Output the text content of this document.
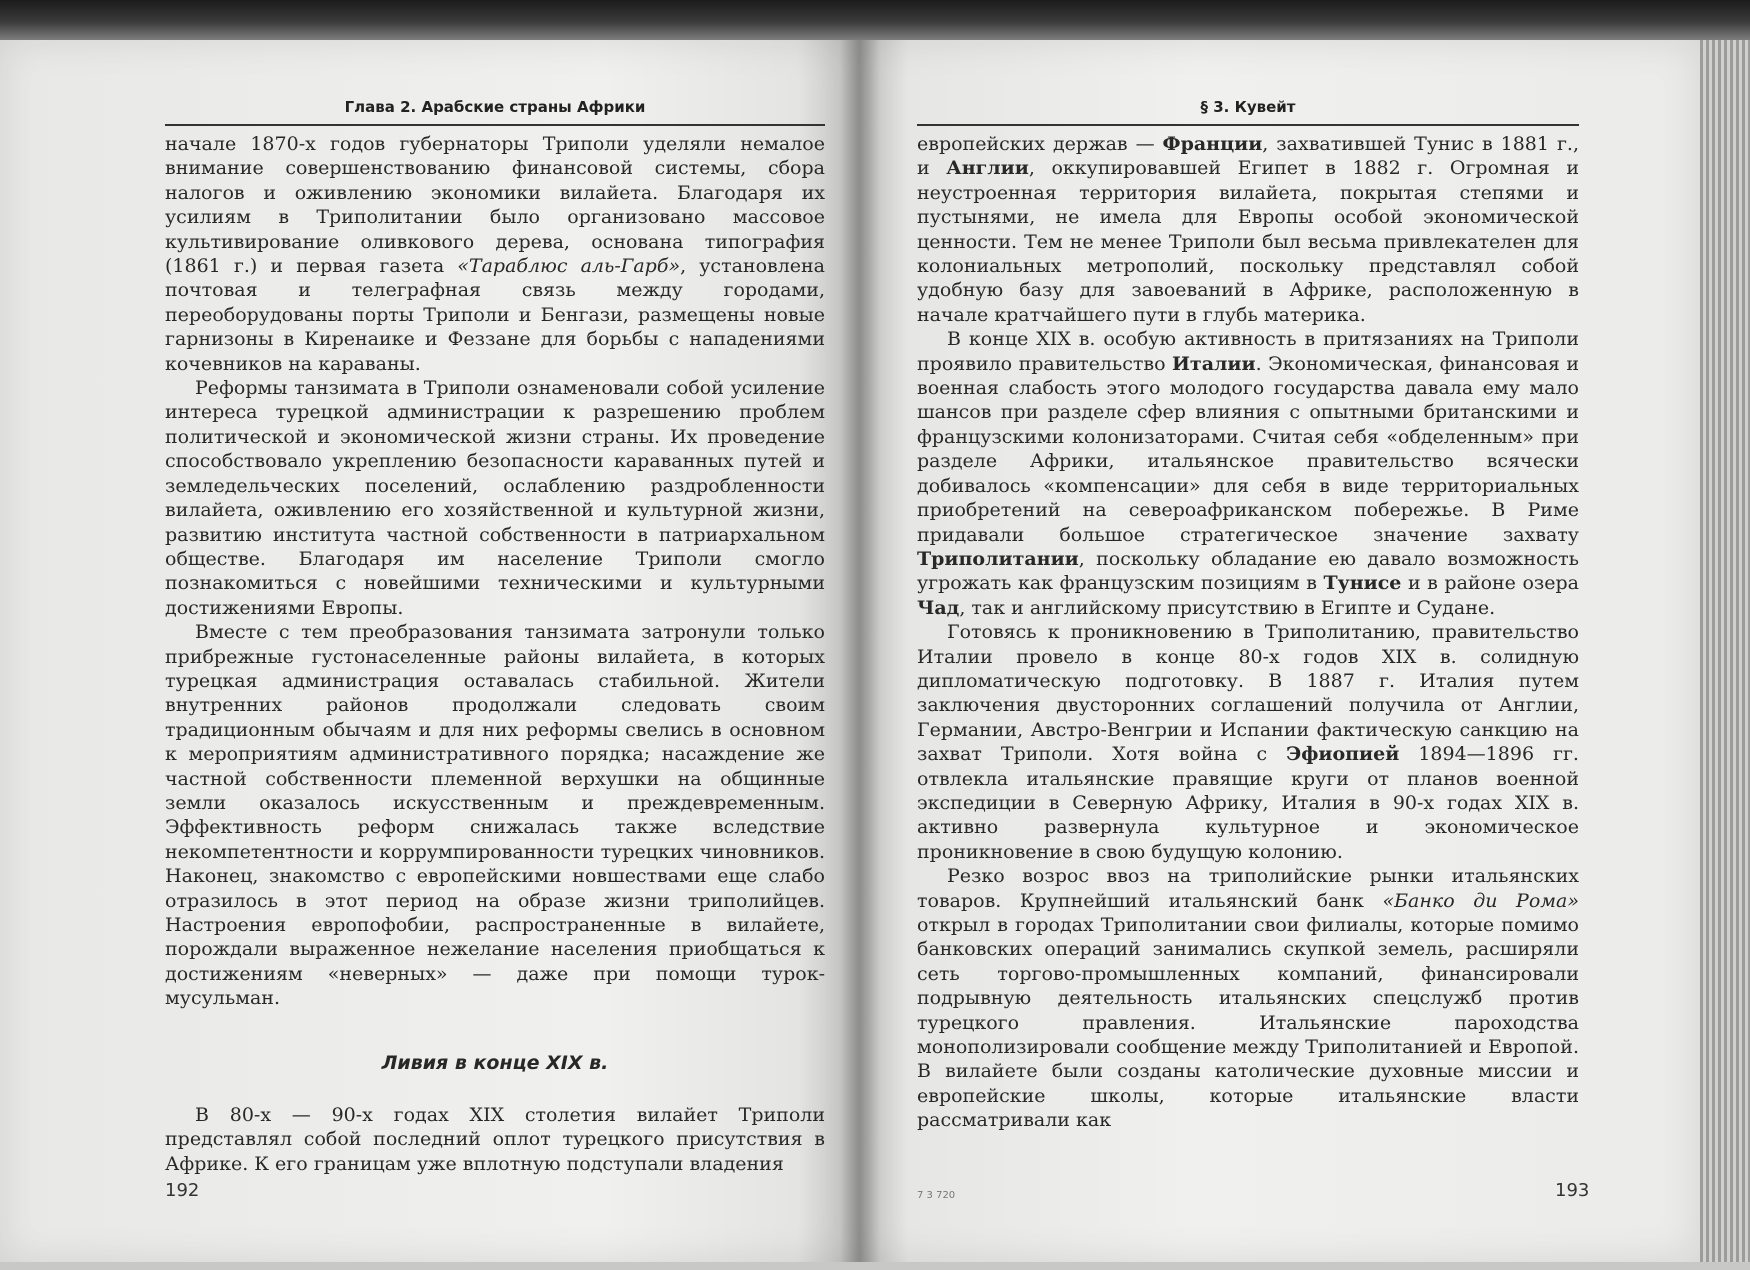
Глава 2. Арабские страны Африки

начале 1870-х годов губернаторы Триполи уделяли немалое внимание совершенствованию финансовой системы, сбора налогов и оживлению экономики вилайета. Благодаря их усилиям в Триполитании было организовано массовое культивирование оливкового дерева, основана типография (1861 г.) и первая газета «Тараблюс аль-Гарб», установлена почтовая и телеграфная связь между городами, переоборудованы порты Триполи и Бенгази, размещены новые гарнизоны в Киренаике и Феззане для борьбы с нападениями кочевников на караваны.

Реформы танзимата в Триполи ознаменовали собой усиление интереса турецкой администрации к разрешению проблем политической и экономической жизни страны. Их проведение способствовало укреплению безопасности караванных путей и земледельческих поселений, ослаблению раздробленности вилайета, оживлению его хозяйственной и культурной жизни, развитию института частной собственности в патриархальном обществе. Благодаря им население Триполи смогло познакомиться с новейшими техническими и культурными достижениями Европы.

Вместе с тем преобразования танзимата затронули только прибрежные густонаселенные районы вилайета, в которых турецкая администрация оставалась стабильной. Жители внутренних районов продолжали следовать своим традиционным обычаям и для них реформы свелись в основном к мероприятиям административного порядка; насаждение же частной собственности племенной верхушки на общинные земли оказалось искусственным и преждевременным. Эффективность реформ снижалась также вследствие некомпетентности и коррумпированности турецких чиновников. Наконец, знакомство с европейскими новшествами еще слабо отразилось в этот период на образе жизни триполийцев. Настроения европофобии, распространенные в вилайете, порождали выраженное нежелание населения приобщаться к достижениям «неверных» — даже при помощи турок-мусульман.

Ливия в конце XIX в.

В 80-х — 90-х годах XIX столетия вилайет Триполи представлял собой последний оплот турецкого присутствия в Африке. К его границам уже вплотную подступали владения

192
§ 3. Кувейт

европейских держав — Франции, захватившей Тунис в 1881 г., и Англии, оккупировавшей Египет в 1882 г. Огромная и неустроенная территория вилайета, покрытая степями и пустынями, не имела для Европы особой экономической ценности. Тем не менее Триполи был весьма привлекателен для колониальных метрополий, поскольку представлял собой удобную базу для завоеваний в Африке, расположенную в начале кратчайшего пути в глубь материка.

В конце XIX в. особую активность в притязаниях на Триполи проявило правительство Италии. Экономическая, финансовая и военная слабость этого молодого государства давала ему мало шансов при разделе сфер влияния с опытными британскими и французскими колонизаторами. Считая себя «обделенным» при разделе Африки, итальянское правительство всячески добивалось «компенсации» для себя в виде территориальных приобретений на североафриканском побережье. В Риме придавали большое стратегическое значение захвату Триполитании, поскольку обладание ею давало возможность угрожать как французским позициям в Тунисе и в районе озера Чад, так и английскому присутствию в Египте и Судане.

Готовясь к проникновению в Триполитанию, правительство Италии провело в конце 80-х годов XIX в. солидную дипломатическую подготовку. В 1887 г. Италия путем заключения двусторонних соглашений получила от Англии, Германии, Австро-Венгрии и Испании фактическую санкцию на захват Триполи. Хотя война с Эфиопией 1894—1896 гг. отвлекла итальянские правящие круги от планов военной экспедиции в Северную Африку, Италия в 90-х годах XIX в. активно развернула культурное и экономическое проникновение в свою будущую колонию.

Резко возрос ввоз на триполийские рынки итальянских товаров. Крупнейший итальянский банк «Банко ди Рома» открыл в городах Триполитании свои филиалы, которые помимо банковских операций занимались скупкой земель, расширяли сеть торгово-промышленных компаний, финансировали подрывную деятельность итальянских спецслужб против турецкого правления. Итальянские пароходства монополизировали сообщение между Триполитанией и Европой. В вилайете были созданы католические духовные миссии и европейские школы, которые итальянские власти рассматривали как

7 3 720	193
